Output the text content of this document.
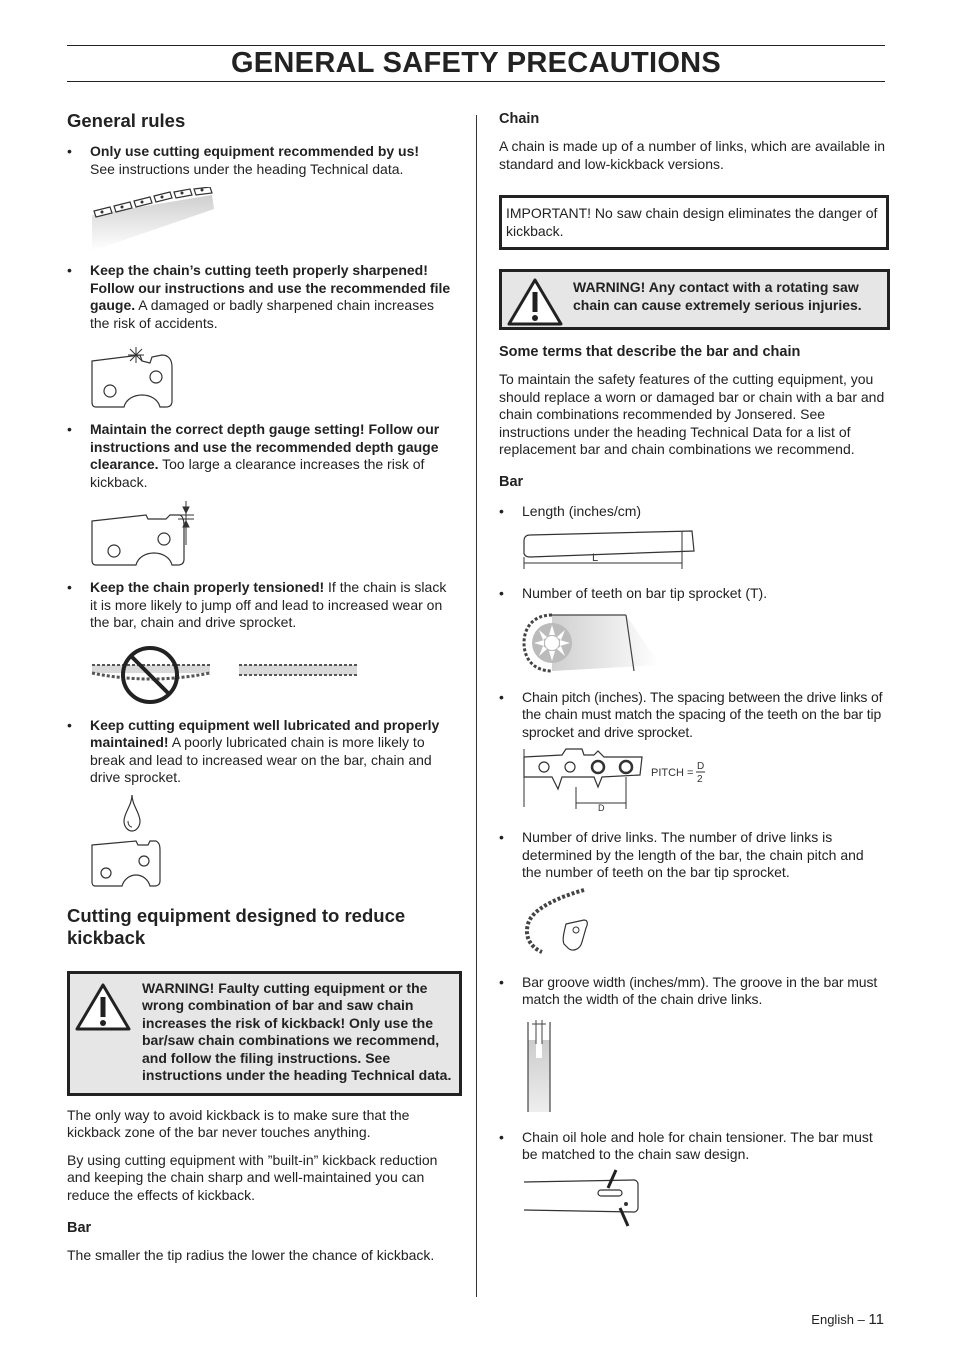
GENERAL SAFETY PRECAUTIONS
General rules
• Only use cutting equipment recommended by us!
See instructions under the heading Technical data.
• Keep the chain’s cutting teeth properly sharpened! Follow our instructions and use the recommended file gauge. A damaged or badly sharpened chain increases the risk of accidents.
• Maintain the correct depth gauge setting! Follow our instructions and use the recommended depth gauge clearance. Too large a clearance increases the risk of kickback.
• Keep the chain properly tensioned! If the chain is slack it is more likely to jump off and lead to increased wear on the bar, chain and drive sprocket.
• Keep cutting equipment well lubricated and properly maintained! A poorly lubricated chain is more likely to break and lead to increased wear on the bar, chain and drive sprocket.
Cutting equipment designed to reduce kickback
WARNING! Faulty cutting equipment or the wrong combination of bar and saw chain increases the risk of kickback! Only use the bar/saw chain combinations we recommend, and follow the filing instructions. See instructions under the heading Technical data.

The only way to avoid kickback is to make sure that the kickback zone of the bar never touches anything.

By using cutting equipment with ”built-in” kickback reduction and keeping the chain sharp and well-maintained you can reduce the effects of kickback.

Bar

The smaller the tip radius the lower the chance of kickback.

Chain

A chain is made up of a number of links, which are available in standard and low-kickback versions.

IMPORTANT! No saw chain design eliminates the danger of kickback.

WARNING! Any contact with a rotating saw chain can cause extremely serious injuries.
Some terms that describe the bar and chain

To maintain the safety features of the cutting equipment, you should replace a worn or damaged bar or chain with a bar and chain combinations recommended by Jonsered. See instructions under the heading Technical Data for a list of replacement bar and chain combinations we recommend.

Bar
• Length (inches/cm)
L
• Number of teeth on bar tip sprocket (T).
• Chain pitch (inches). The spacing between the drive links of the chain must match the spacing of the teeth on the bar tip sprocket and drive sprocket.
D
PITCH =
D
2
• Number of drive links. The number of drive links is determined by the length of the bar, the chain pitch and the number of teeth on the bar tip sprocket.
• Bar groove width (inches/mm). The groove in the bar must match the width of the chain drive links.
• Chain oil hole and hole for chain tensioner. The bar must be matched to the chain saw design.
English – 11
